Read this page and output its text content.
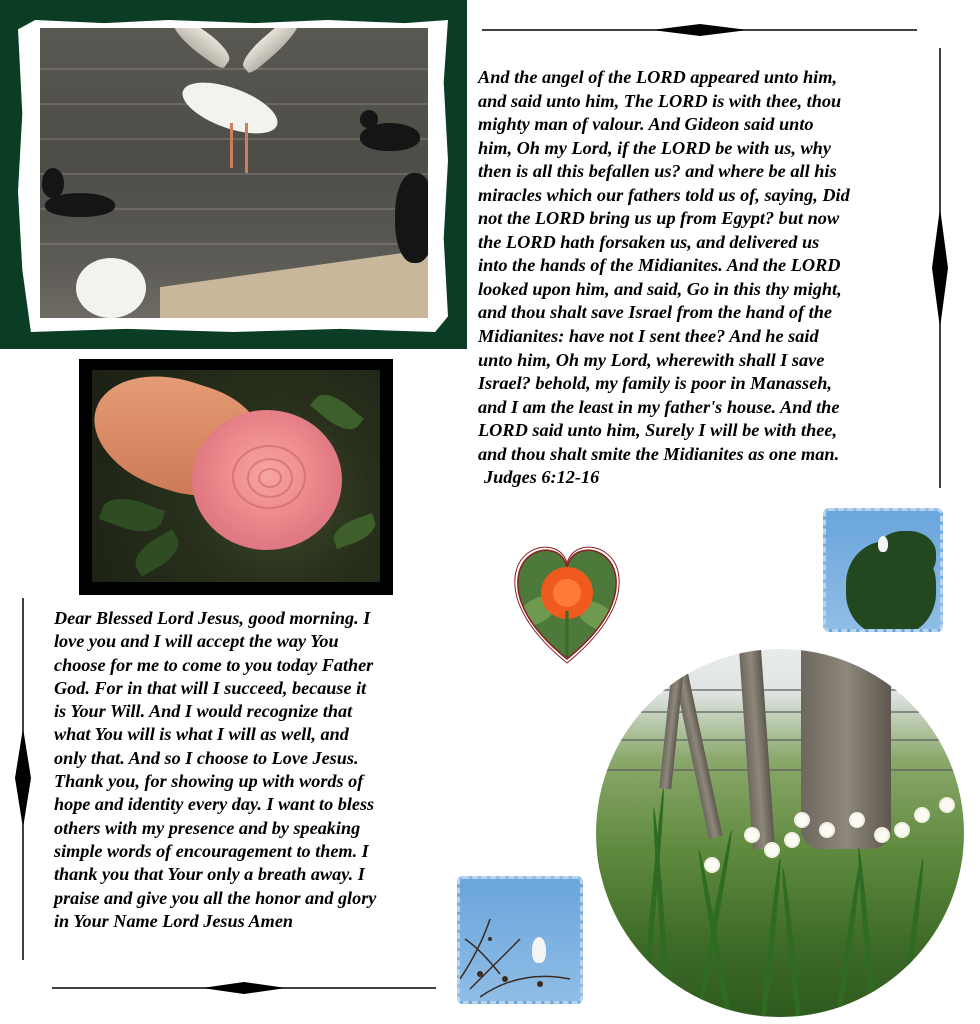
And the angel of the LORD appeared unto him,
and said unto him, The LORD is with thee, thou
mighty man of valour. And Gideon said unto
him, Oh my Lord, if the LORD be with us, why
then is all this befallen us? and where be all his
miracles which our fathers told us of, saying, Did
not the LORD bring us up from Egypt? but now
the LORD hath forsaken us, and delivered us
into the hands of the Midianites. And the LORD
looked upon him, and said, Go in this thy might,
and thou shalt save Israel from the hand of the
Midianites: have not I sent thee? And he said
unto him, Oh my Lord, wherewith shall I save
Israel? behold, my family is poor in Manasseh,
and I am the least in my father's house. And the
LORD said unto him, Surely I will be with thee,
and thou shalt smite the Midianites as one man.
Judges 6:12-16
Dear Blessed Lord Jesus, good morning. I
love you and I will accept the way You
choose for me to come to you today Father
God. For in that will I succeed, because it
is Your Will. And I would recognize that
what You will is what I will as well, and
only that. And so I choose to Love Jesus.
Thank you, for showing up with words of
hope and identity every day. I want to bless
others with my presence and by speaking
simple words of encouragement to them. I
thank you that Your only a breath away. I
praise and give you all the honor and glory
in Your Name Lord Jesus Amen
